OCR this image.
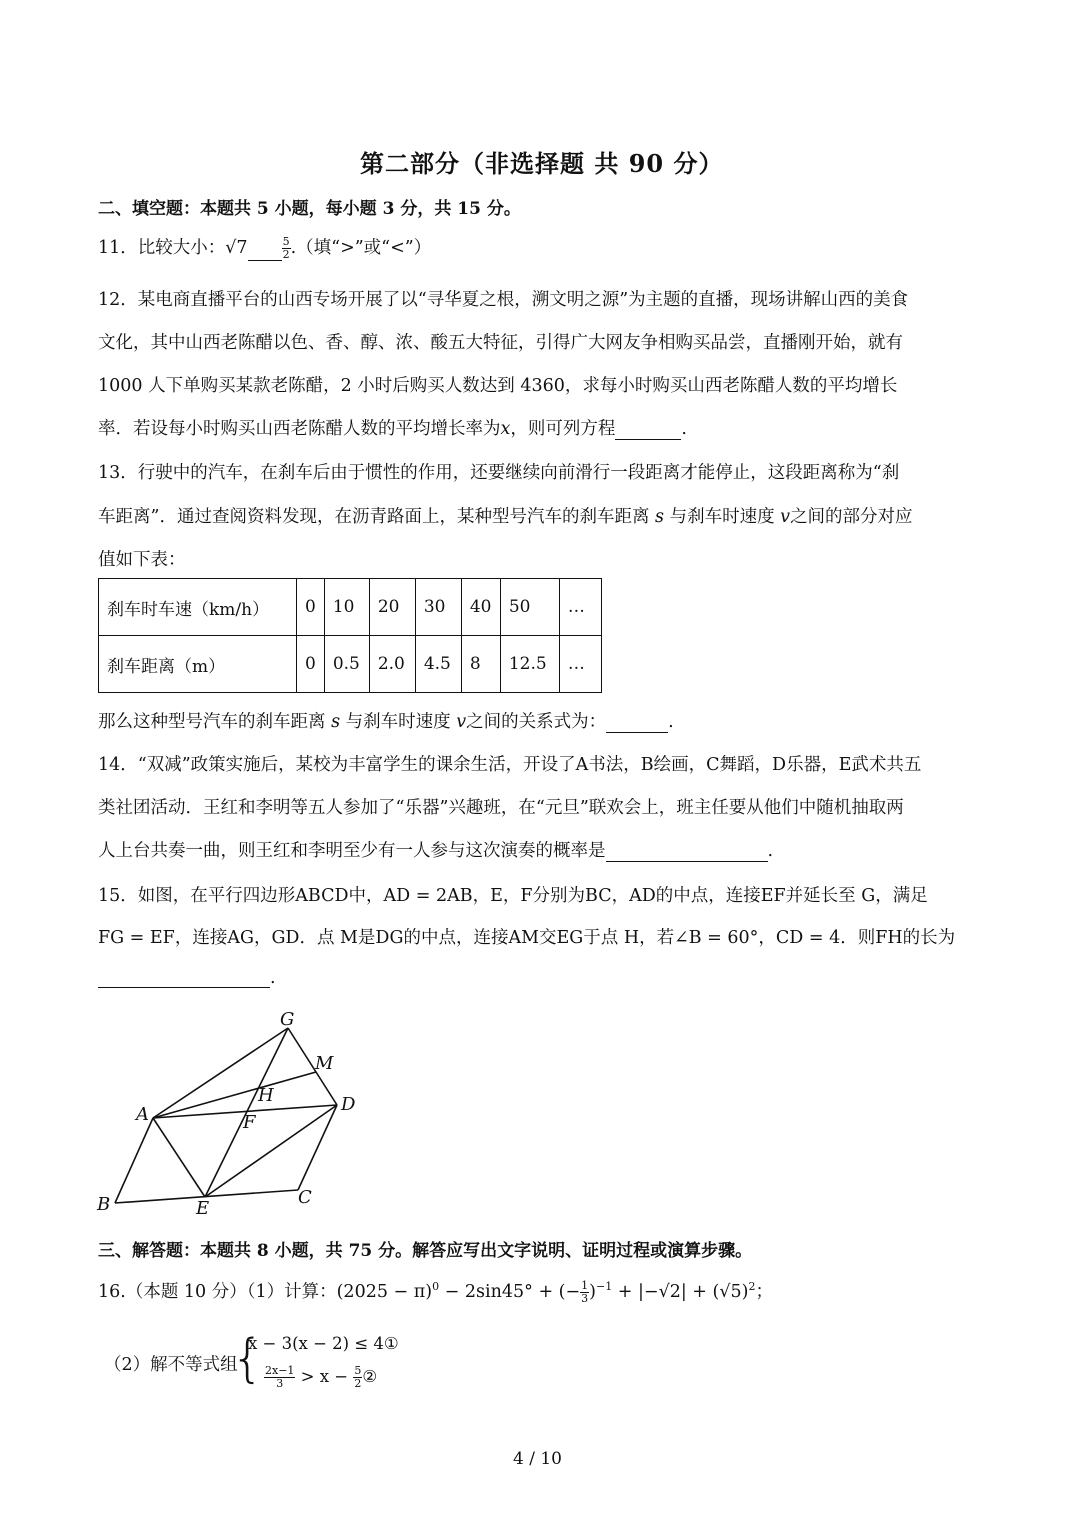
第二部分（非选择题 共 90 分）
二、填空题：本题共 5 小题，每小题 3 分，共 15 分。
11．比较大小：√7	$\frac{5}{2}$ .（填“>”或“<”）
12．某电商直播平台的山西专场开展了以“寻华夏之根，溯文明之源”为主题的直播，现场讲解山西的美食
文化，其中山西老陈醋以色、香、醇、浓、酸五大特征，引得广大网友争相购买品尝，直播刚开始，就有
1000 人下单购买某款老陈醋，2 小时后购买人数达到 4360，求每小时购买山西老陈醋人数的平均增长
率．若设每小时购买山西老陈醋人数的平均增长率为x，则可列方程	.
13．行驶中的汽车，在刹车后由于惯性的作用，还要继续向前滑行一段距离才能停止，这段距离称为“刹
车距离”．通过查阅资料发现，在沥青路面上，某种型号汽车的刹车距离 s 与刹车时速度 v之间的部分对应
值如下表：
刹车时车速（km/h）	0	10	20	30	40	50	…
刹车距离（m）	0	0.5	2.0	4.5	8	12.5	…
那么这种型号汽车的刹车距离 s 与刹车时速度 v之间的关系式为：	.
14．“双减”政策实施后，某校为丰富学生的课余生活，开设了A书法，B绘画，C舞蹈，D乐器，E武术共五
类社团活动．王红和李明等五人参加了“乐器”兴趣班，在“元旦”联欢会上，班主任要从他们中随机抽取两
人上台共奏一曲，则王红和李明至少有一人参与这次演奏的概率是	.
15．如图，在平行四边形ABCD中，AD = 2AB，E，F分别为BC，AD的中点，连接EF并延长至 G，满足
FG = EF，连接AG，GD．点 M是DG的中点，连接AM交EG于点 H，若∠B = 60°，CD = 4．则FH的长为
.
G
M
H
A	D
F
B	E
C
三、解答题：本题共 8 小题，共 75 分。解答应写出文字说明、证明过程或演算步骤。
16.（本题 10 分）（1）计算：$(2025 - \pi)^0 - 2\sin 45^\circ$ + (− $\frac{1}{3} )^{-1} + |-√2| + (√5)^2$；
（2）解不等式组
{
x − 3(x − 2) ≤ 4①
$\frac{2x-1}{3} > x - \frac{5}{2}$ ②
4 / 10
